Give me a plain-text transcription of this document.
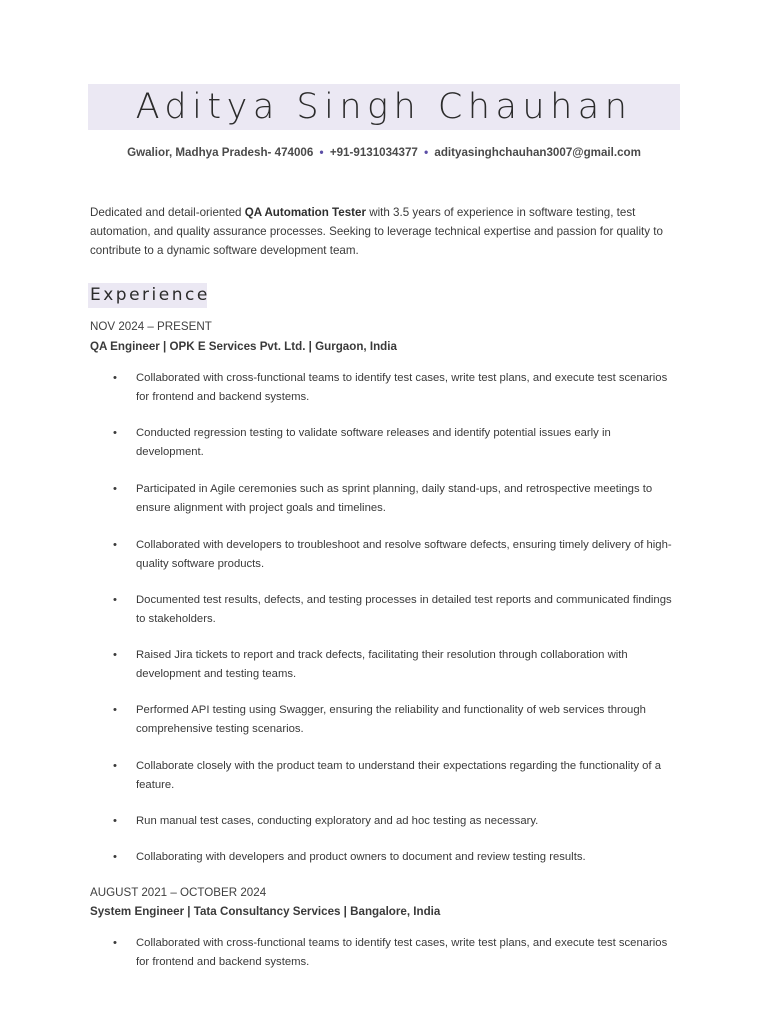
Aditya Singh Chauhan
Gwalior, Madhya Pradesh- 474006 • +91-9131034377 • adityasinghchauhan3007@gmail.com
Dedicated and detail-oriented QA Automation Tester with 3.5 years of experience in software testing, test automation, and quality assurance processes. Seeking to leverage technical expertise and passion for quality to contribute to a dynamic software development team.
Experience
NOV 2024 – PRESENT
QA Engineer | OPK E Services Pvt. Ltd. | Gurgaon, India
• Collaborated with cross-functional teams to identify test cases, write test plans, and execute test scenarios for frontend and backend systems.
• Conducted regression testing to validate software releases and identify potential issues early in development.
• Participated in Agile ceremonies such as sprint planning, daily stand-ups, and retrospective meetings to ensure alignment with project goals and timelines.
• Collaborated with developers to troubleshoot and resolve software defects, ensuring timely delivery of high-quality software products.
• Documented test results, defects, and testing processes in detailed test reports and communicated findings to stakeholders.
• Raised Jira tickets to report and track defects, facilitating their resolution through collaboration with development and testing teams.
• Performed API testing using Swagger, ensuring the reliability and functionality of web services through comprehensive testing scenarios.
• Collaborate closely with the product team to understand their expectations regarding the functionality of a feature.
• Run manual test cases, conducting exploratory and ad hoc testing as necessary.
• Collaborating with developers and product owners to document and review testing results.
AUGUST 2021 – OCTOBER 2024
System Engineer | Tata Consultancy Services | Bangalore, India
• Collaborated with cross-functional teams to identify test cases, write test plans, and execute test scenarios for frontend and backend systems.
